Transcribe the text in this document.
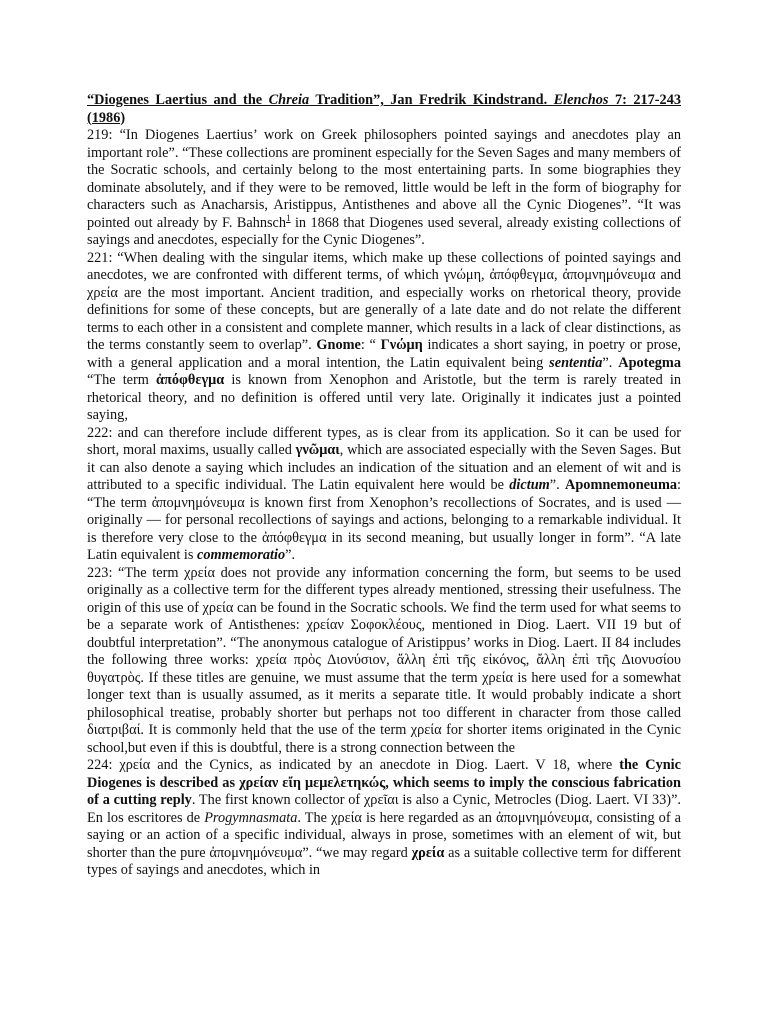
“Diogenes Laertius and the Chreia Tradition”, Jan Fredrik Kindstrand. Elenchos 7: 217-243 (1986)

219: “In Diogenes Laertius’ work on Greek philosophers pointed sayings and anecdotes play an important role”. “These collections are prominent especially for the Seven Sages and many members of the Socratic schools, and certainly belong to the most entertaining parts. In some biographies they dominate absolutely, and if they were to be removed, little would be left in the form of biography for characters such as Anacharsis, Aristippus, Antisthenes and above all the Cynic Diogenes”. “It was pointed out already by F. Bahnsch$^1$ in 1868 that Diogenes used several, already existing collections of sayings and anecdotes, especially for the Cynic Diogenes”.

221: “When dealing with the singular items, which make up these collections of pointed sayings and anecdotes, we are confronted with different terms, of which γνώμη, ἀπόφθεγμα, ἀπομνημόνευμα and χρεία are the most important. Ancient tradition, and especially works on rhetorical theory, provide definitions for some of these concepts, but are generally of a late date and do not relate the different terms to each other in a consistent and complete manner, which results in a lack of clear distinctions, as the terms constantly seem to overlap”. Gnome: “ Γνώμη indicates a short saying, in poetry or prose, with a general application and a moral intention, the Latin equivalent being sententia”. Apotegma “The term ἀπόφθεγμα is known from Xenophon and Aristotle, but the term is rarely treated in rhetorical theory, and no definition is offered until very late. Originally it indicates just a pointed saying,

222: and can therefore include different types, as is clear from its application. So it can be used for short, moral maxims, usually called γνῶμαι, which are associated especially with the Seven Sages. But it can also denote a saying which includes an indication of the situation and an element of wit and is attributed to a specific individual. The Latin equivalent here would be dictum”. Apomnemoneuma: “The term ἀπομνημόνευμα is known first from Xenophon’s recollections of Socrates, and is used — originally — for personal recollections of sayings and actions, belonging to a remarkable individual. It is therefore very close to the ἀπόφθεγμα in its second meaning, but usually longer in form”. “A late Latin equivalent is commemoratio”.

223: “The term χρεία does not provide any information concerning the form, but seems to be used originally as a collective term for the different types already mentioned, stressing their usefulness. The origin of this use of χρεία can be found in the Socratic schools. We find the term used for what seems to be a separate work of Antisthenes: χρείαν Σοφοκλέους, mentioned in Diog. Laert. VII 19 but of doubtful interpretation”. “The anonymous catalogue of Aristippus’ works in Diog. Laert. II 84 includes the following three works: χρεία πρὸς Διονύσιον, ἄλλη ἐπὶ τῆς εἰκόνος, ἄλλη ἐπὶ τῆς Διονυσίου θυγατρὸς. If these titles are genuine, we must assume that the term χρεία is here used for a somewhat longer text than is usually assumed, as it merits a separate title. It would probably indicate a short philosophical treatise, probably shorter but perhaps not too different in character from those called διατριβαί. It is commonly held that the use of the term χρεία for shorter items originated in the Cynic school,but even if this is doubtful, there is a strong connection between the

224: χρεία and the Cynics, as indicated by an anecdote in Diog. Laert. V 18, where the Cynic Diogenes is described as χρείαν εἴη μεμελετηκώς, which seems to imply the conscious fabrication of a cutting reply. The first known collector of χρεῖαι is also a Cynic, Metrocles (Diog. Laert. VI 33)”. En los escritores de Progymnasmata. The χρεία is here regarded as an ἀπομνημόνευμα, consisting of a saying or an action of a specific individual, always in prose, sometimes with an element of wit, but shorter than the pure ἀπομνημόνευμα”. “we may regard χρεία as a suitable collective term for different types of sayings and anecdotes, which in
